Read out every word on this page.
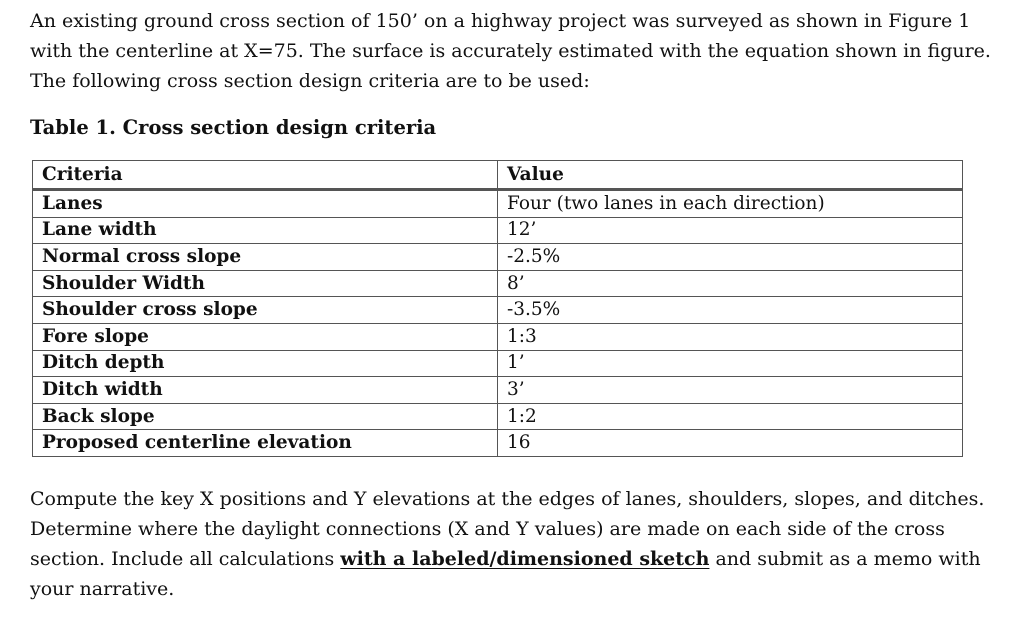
An existing ground cross section of 150’ on a highway project was surveyed as shown in Figure 1
with the centerline at X=75. The surface is accurately estimated with the equation shown in figure.
The following cross section design criteria are to be used:

Table 1. Cross section design criteria

Criteria	Value
Lanes	Four (two lanes in each direction)
Lane width	12’
Normal cross slope	-2.5%
Shoulder Width	8’
Shoulder cross slope	-3.5%
Fore slope	1:3
Ditch depth	1’
Ditch width	3’
Back slope	1:2
Proposed centerline elevation	16
Compute the key X positions and Y elevations at the edges of lanes, shoulders, slopes, and ditches.
Determine where the daylight connections (X and Y values) are made on each side of the cross
section. Include all calculations with a labeled/dimensioned sketch and submit as a memo with
your narrative.
